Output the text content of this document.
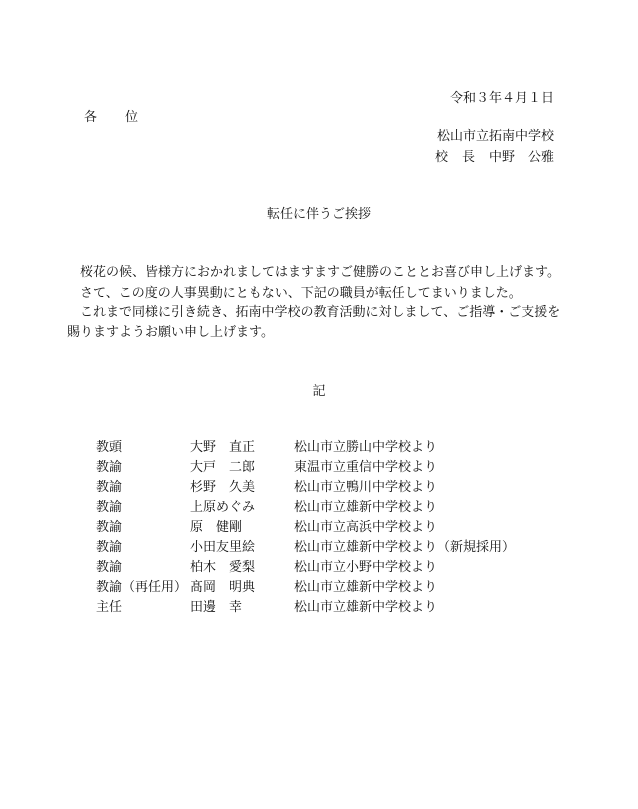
令和３年４月１日

各 位

松山市立拓南中学校

校 長 中野　公雅

転任に伴うご挨拶

　桜花の候、皆様方におかれましてはますますご健勝のこととお喜び申し上げます。

　さて、この度の人事異動にともない、下記の職員が転任してまいりました。

　これまで同様に引き続き、拓南中学校の教育活動に対しまして、ご指導・ご支援を

賜りますようお願い申し上げます。

記

教頭	大野　直正	松山市立勝山中学校より
教諭	大戸　二郎	東温市立重信中学校より
教諭	杉野　久美	松山市立鴨川中学校より
教諭	上原めぐみ	松山市立雄新中学校より
教諭	原　健剛	松山市立高浜中学校より
教諭	小田友里絵	松山市立雄新中学校より（新規採用）
教諭	柏木　愛梨	松山市立小野中学校より
教諭（再任用） 髙岡　明典	松山市立雄新中学校より
主任	田邊　幸	松山市立雄新中学校より
